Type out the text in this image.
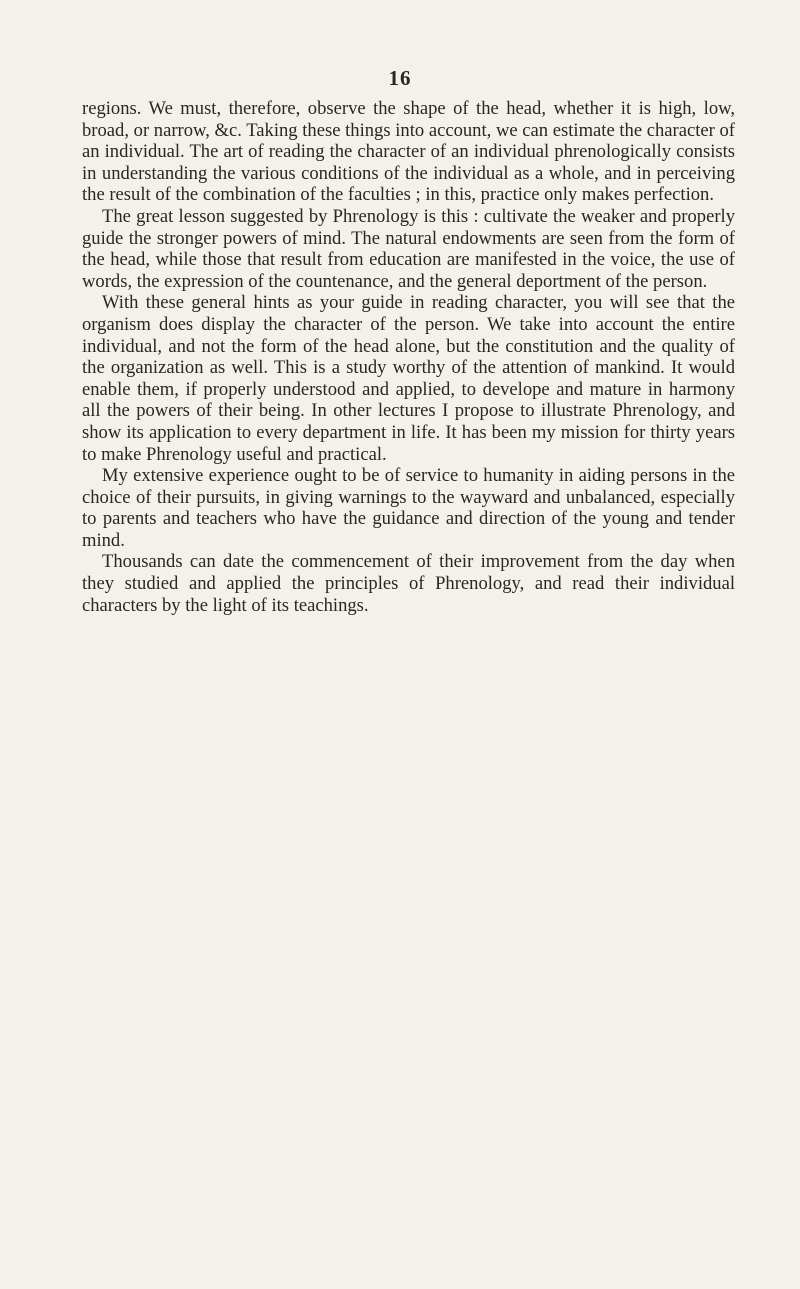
16

regions. We must, therefore, observe the shape of the head, whether it is high, low, broad, or narrow, &c. Taking these things into account, we can estimate the character of an individual. The art of reading the character of an individual phrenologically consists in understanding the various conditions of the individual as a whole, and in perceiving the result of the combination of the faculties ; in this, practice only makes perfection.

The great lesson suggested by Phrenology is this : cultivate the weaker and properly guide the stronger powers of mind. The natural endowments are seen from the form of the head, while those that result from education are manifested in the voice, the use of words, the expression of the countenance, and the general deportment of the person.

With these general hints as your guide in reading character, you will see that the organism does display the character of the person. We take into account the entire individual, and not the form of the head alone, but the constitution and the quality of the organization as well. This is a study worthy of the attention of mankind. It would enable them, if properly understood and applied, to develope and mature in harmony all the powers of their being. In other lectures I propose to illustrate Phrenology, and show its application to every department in life. It has been my mission for thirty years to make Phrenology useful and practical.

My extensive experience ought to be of service to humanity in aiding persons in the choice of their pursuits, in giving warnings to the wayward and unbalanced, especially to parents and teachers who have the guidance and direction of the young and tender mind.

Thousands can date the commencement of their improvement from the day when they studied and applied the principles of Phrenology, and read their individual characters by the light of its teachings.
